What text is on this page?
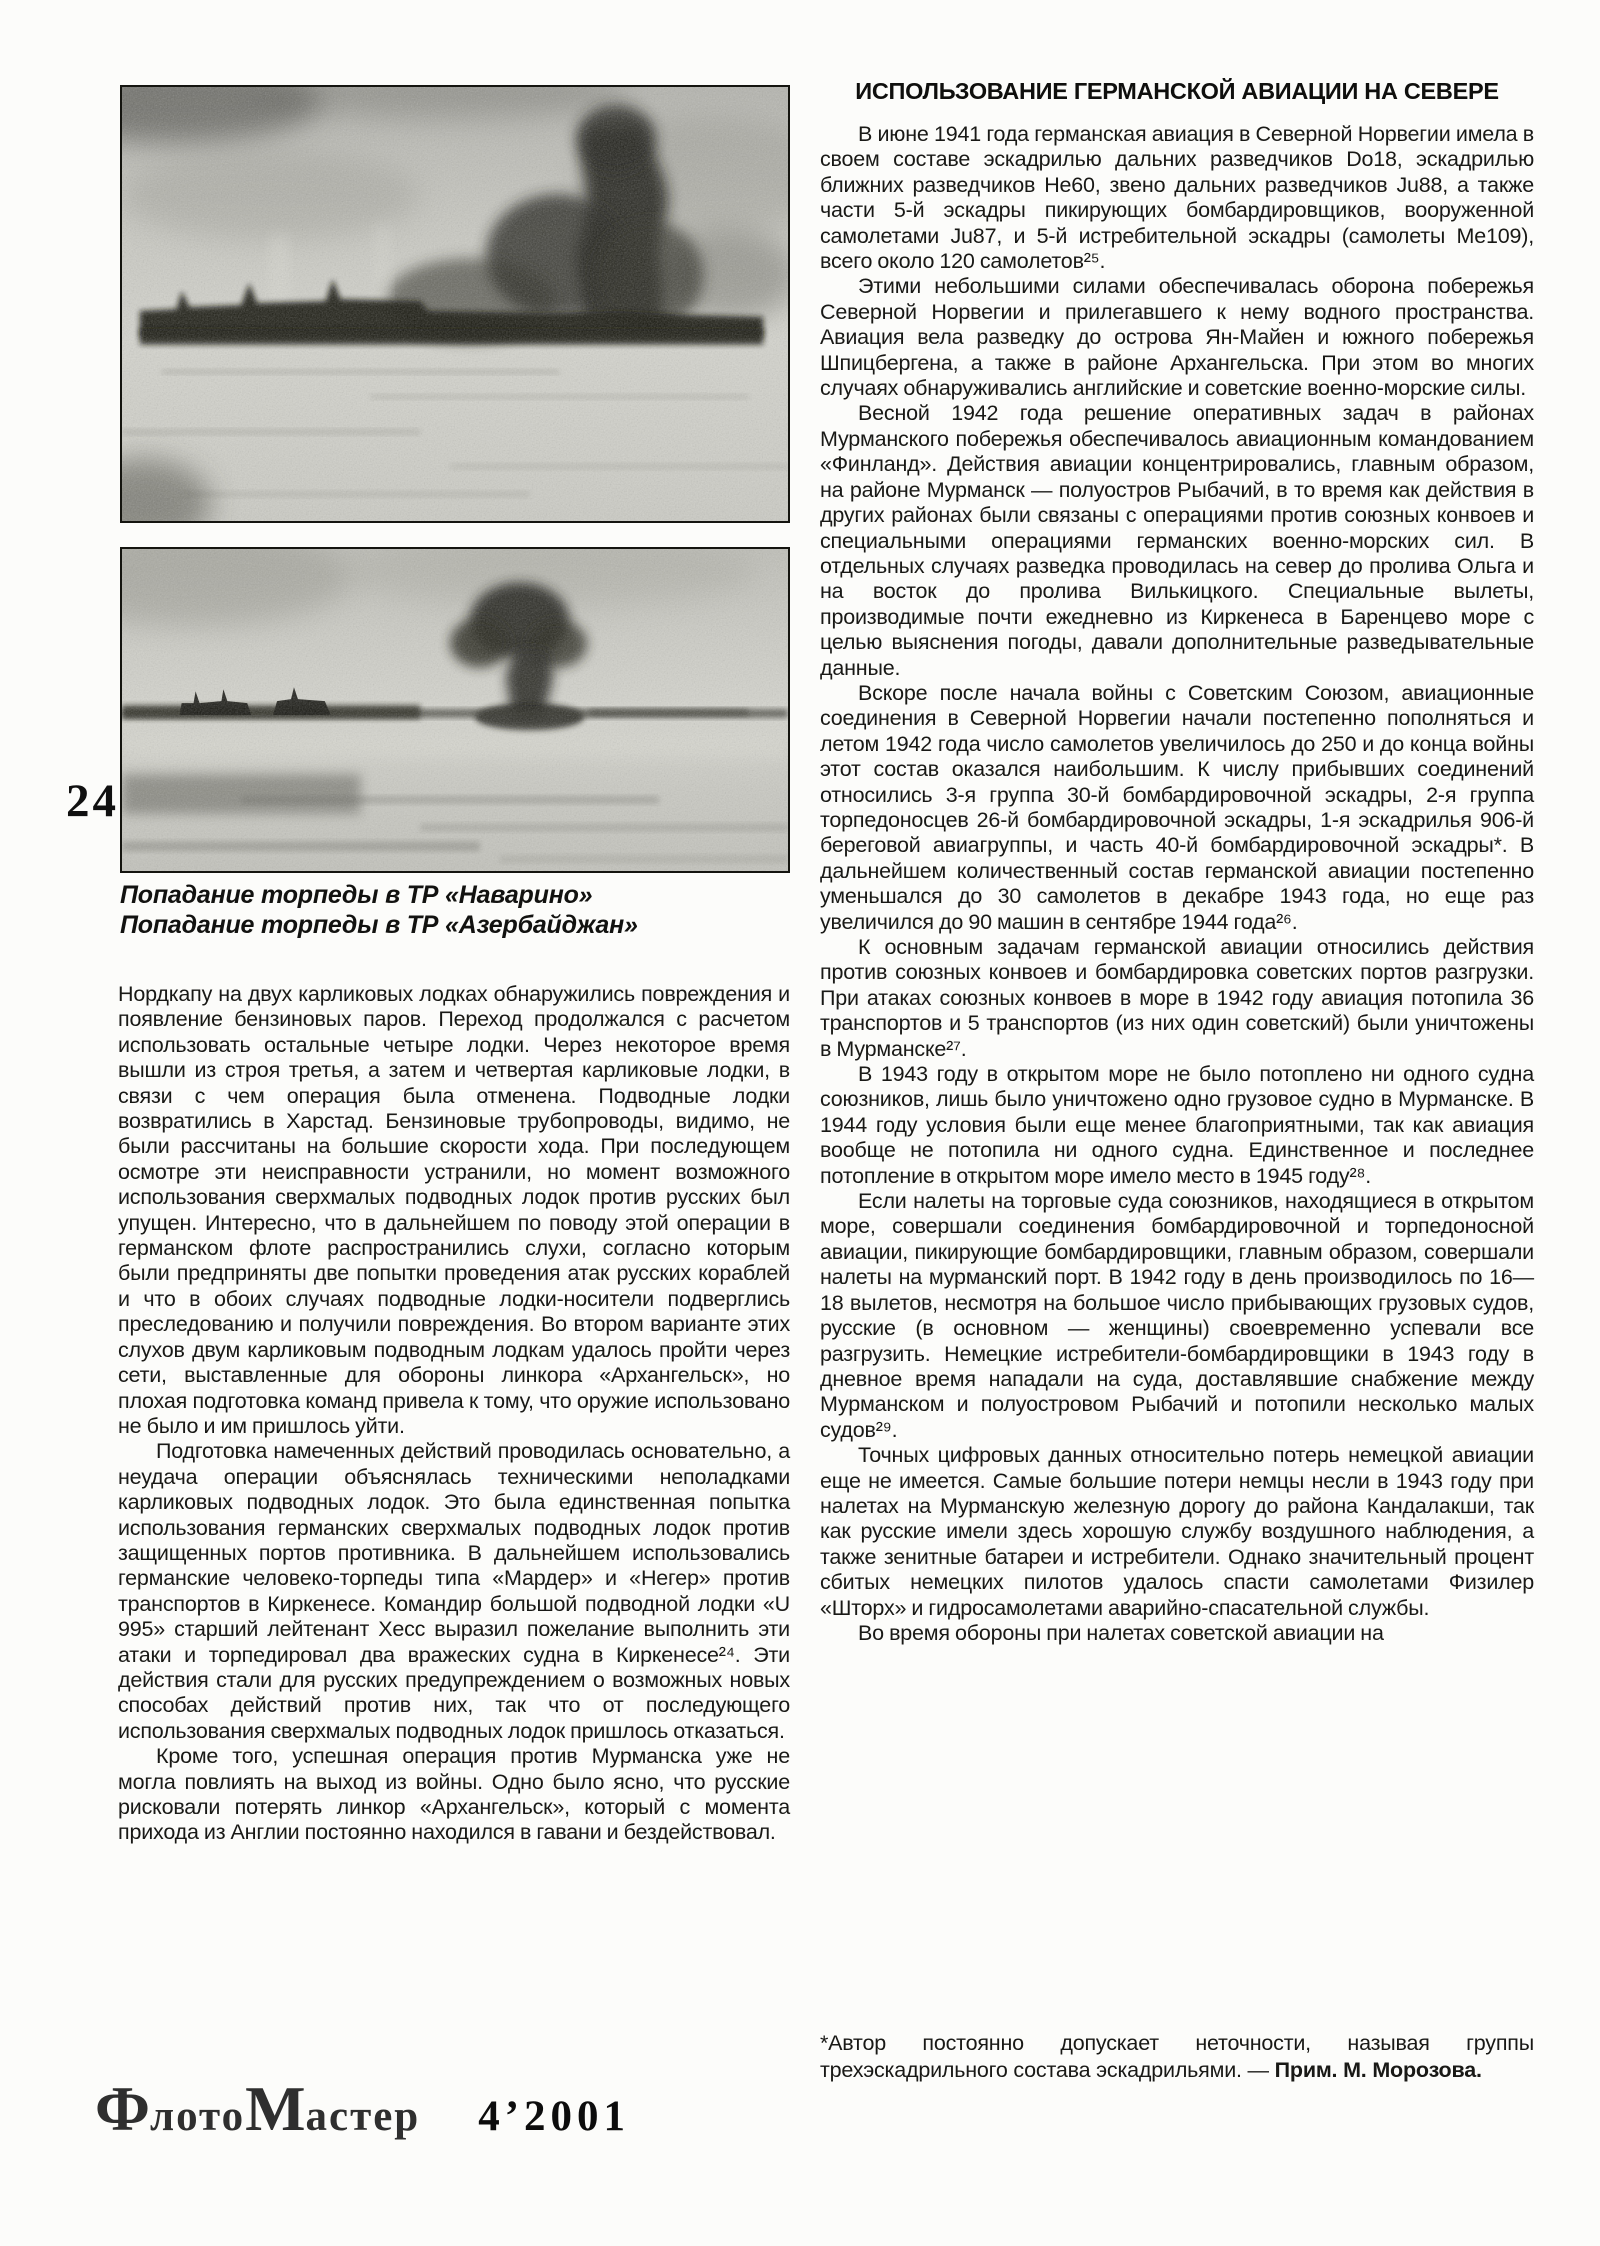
24

Попадание торпеды в ТР «Наварино»

Попадание торпеды в ТР «Азербайджан»

Нордкапу на двух карликовых лодках обнаружились повреждения и появление бензиновых паров. Переход продолжался с расчетом использовать остальные четыре лодки. Через некоторое время вышли из строя третья, а затем и четвертая карликовые лодки, в связи с чем операция была отменена. Подводные лодки возвратились в Харстад. Бензиновые трубопроводы, видимо, не были рассчитаны на большие скорости хода. При последующем осмотре эти неисправности устранили, но момент возможного использования сверхмалых подводных лодок против русских был упущен. Интересно, что в дальнейшем по поводу этой операции в германском флоте распространились слухи, согласно которым были предприняты две попытки проведения атак русских кораблей и что в обоих случаях подводные лодки-носители подверглись преследованию и получили повреждения. Во втором варианте этих слухов двум карликовым подводным лодкам удалось пройти через сети, выставленные для обороны линкора «Архангельск», но плохая подготовка команд привела к тому, что оружие использовано не было и им пришлось уйти.

Подготовка намеченных действий проводилась основательно, а неудача операции объяснялась техническими неполадками карликовых подводных лодок. Это была единственная попытка использования германских сверхмалых подводных лодок против защищенных портов противника. В дальнейшем использовались германские человеко-торпеды типа «Мардер» и «Негер» против транспортов в Киркенесе. Командир большой подводной лодки «U 995» старший лейтенант Хесс выразил пожелание выполнить эти атаки и торпедировал два вражеских судна в Киркенесе²⁴. Эти действия стали для русских предупреждением о возможных новых способах действий против них, так что от последующего использования сверхмалых подводных лодок пришлось отказаться.

Кроме того, успешная операция против Мурманска уже не могла повлиять на выход из войны. Одно было ясно, что русские рисковали потерять линкор «Архангельск», который с момента прихода из Англии постоянно находился в гавани и бездействовал.

ИСПОЛЬЗОВАНИЕ ГЕРМАНСКОЙ АВИАЦИИ НА СЕВЕРЕ

В июне 1941 года германская авиация в Северной Норвегии имела в своем составе эскадрилью дальних разведчиков Do18, эскадрилью ближних разведчиков He60, звено дальних разведчиков Ju88, а также части 5-й эскадры пикирующих бомбардировщиков, вооруженной самолетами Ju87, и 5-й истребительной эскадры (самолеты Me109), всего около 120 самолетов²⁵.

Этими небольшими силами обеспечивалась оборона побережья Северной Норвегии и прилегавшего к нему водного пространства. Авиация вела разведку до острова Ян-Майен и южного побережья Шпицбергена, а также в районе Архангельска. При этом во многих случаях обнаруживались английские и советские военно-морские силы.

Весной 1942 года решение оперативных задач в районах Мурманского побережья обеспечивалось авиационным командованием «Финланд». Действия авиации концентрировались, главным образом, на районе Мурманск — полуостров Рыбачий, в то время как действия в других районах были связаны с операциями против союзных конвоев и специальными операциями германских военно-морских сил. В отдельных случаях разведка проводилась на север до пролива Ольга и на восток до пролива Вилькицкого. Специальные вылеты, производимые почти ежедневно из Киркенеса в Баренцево море с целью выяснения погоды, давали дополнительные разведывательные данные.

Вскоре после начала войны с Советским Союзом, авиационные соединения в Северной Норвегии начали постепенно пополняться и летом 1942 года число самолетов увеличилось до 250 и до конца войны этот состав оказался наибольшим. К числу прибывших соединений относились 3-я группа 30-й бомбардировочной эскадры, 2-я группа торпедоносцев 26-й бомбардировочной эскадры, 1-я эскадрилья 906-й береговой авиагруппы, и часть 40-й бомбардировочной эскадры*. В дальнейшем количественный состав германской авиации постепенно уменьшался до 30 самолетов в декабре 1943 года, но еще раз увеличился до 90 машин в сентябре 1944 года²⁶.

К основным задачам германской авиации относились действия против союзных конвоев и бомбардировка советских портов разгрузки. При атаках союзных конвоев в море в 1942 году авиация потопила 36 транспортов и 5 транспортов (из них один советский) были уничтожены в Мурманске²⁷.

В 1943 году в открытом море не было потоплено ни одного судна союзников, лишь было уничтожено одно грузовое судно в Мурманске. В 1944 году условия были еще менее благоприятными, так как авиация вообще не потопила ни одного судна. Единственное и последнее потопление в открытом море имело место в 1945 году²⁸.

Если налеты на торговые суда союзников, находящиеся в открытом море, совершали соединения бомбардировочной и торпедоносной авиации, пикирующие бомбардировщики, главным образом, совершали налеты на мурманский порт. В 1942 году в день производилось по 16—18 вылетов, несмотря на большое число прибывающих грузовых судов, русские (в основном — женщины) своевременно успевали все разгрузить. Немецкие истребители-бомбардировщики в 1943 году в дневное время нападали на суда, доставлявшие снабжение между Мурманском и полуостровом Рыбачий и потопили несколько малых судов²⁹.

Точных цифровых данных относительно потерь немецкой авиации еще не имеется. Самые большие потери немцы несли в 1943 году при налетах на Мурманскую железную дорогу до района Кандалакши, так как русские имели здесь хорошую службу воздушного наблюдения, а также зенитные батареи и истребители. Однако значительный процент сбитых немецких пилотов удалось спасти самолетами Физилер «Шторх» и гидросамолетами аварийно-спасательной службы.

Во время обороны при налетах советской авиации на

*Автор постоянно допускает неточности, называя группы трехэскадрильного состава эскадрильями. — Прим. М. Морозова.
ФлотоМастер 4’2001
